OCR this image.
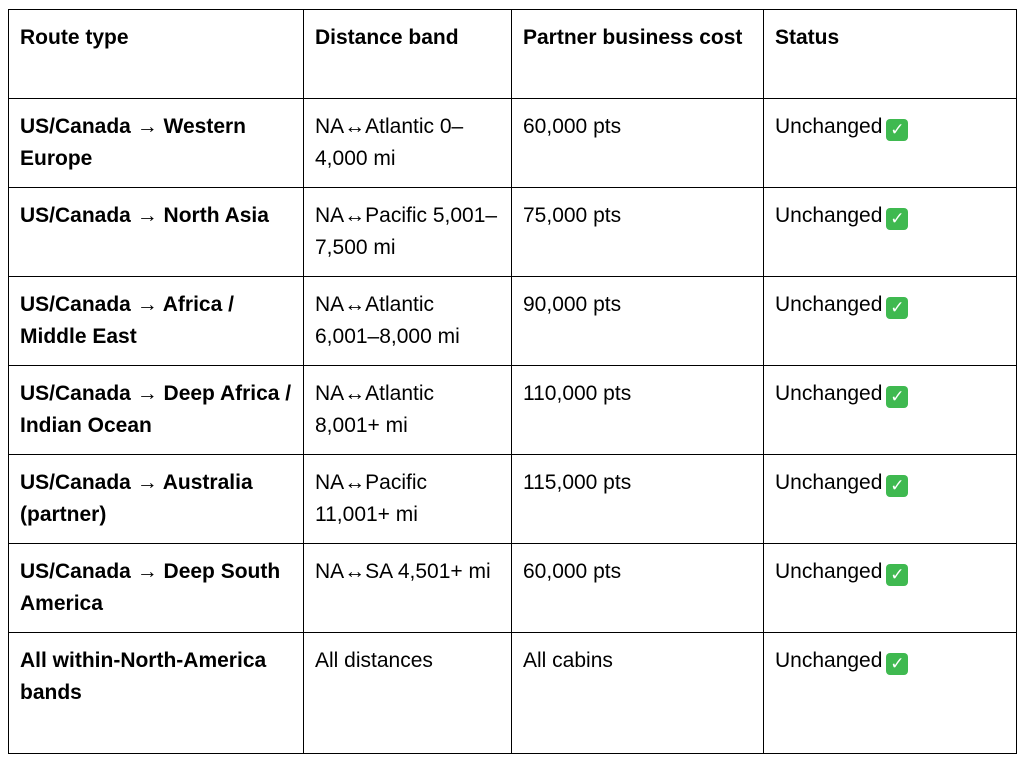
Route type	Distance band	Partner business cost	Status
US/Canada → Western Europe	NA↔Atlantic 0–4,000 mi	60,000 pts	Unchanged ✓
US/Canada → North Asia	NA↔Pacific 5,001–7,500 mi	75,000 pts	Unchanged ✓
US/Canada → Africa / Middle East	NA↔Atlantic 6,001–8,000 mi	90,000 pts	Unchanged ✓
US/Canada → Deep Africa / Indian Ocean	NA↔Atlantic 8,001+ mi	110,000 pts	Unchanged ✓
US/Canada → Australia (partner)	NA↔Pacific 11,001+ mi	115,000 pts	Unchanged ✓
US/Canada → Deep South America	NA↔SA 4,501+ mi	60,000 pts	Unchanged ✓
All within-North-America bands	All distances	All cabins	Unchanged ✓
